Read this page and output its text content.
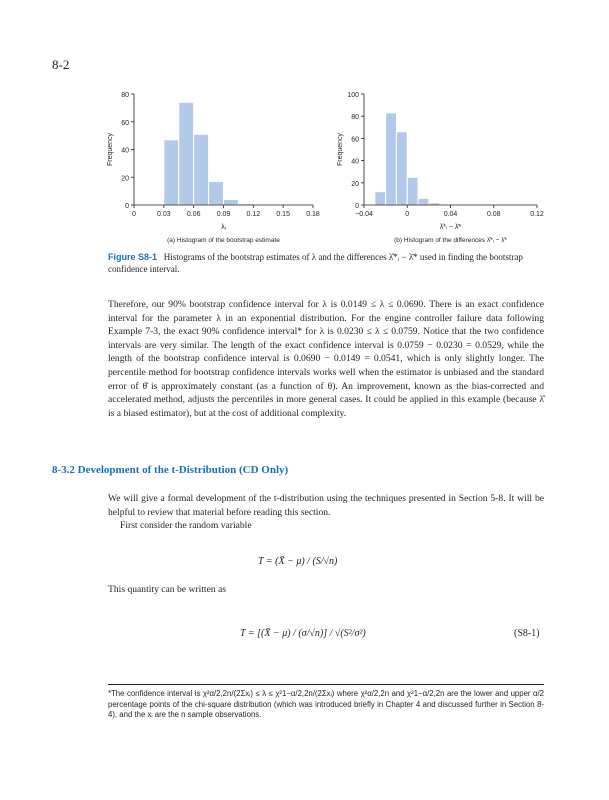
8-2
0
20
40
60
80
0	0.03 0.06 0.09 0.12 0.15 0.18
λᵢ
Frequency
(a) Histogram of the bootstrap estimate
0
20
40
60
80
100
−0.04	0	0.04	0.08	0.12
λ̂*ᵢ − λ̄*
Frequency
(b) Histogram of the differences λ̂*ᵢ − λ̄*
Figure S8-1 Histograms of the bootstrap estimates of λ and the differences λ̂*ᵢ − λ̄* used in finding the bootstrap confidence interval.
Therefore, our 90% bootstrap confidence interval for λ is 0.0149 ≤ λ ≤ 0.0690. There is an exact confidence interval for the parameter λ in an exponential distribution. For the engine controller failure data following Example 7-3, the exact 90% confidence interval* for λ is 0.0230 ≤ λ ≤ 0.0759. Notice that the two confidence intervals are very similar. The length of the exact confidence interval is 0.0759 − 0.0230 = 0.0529, while the length of the bootstrap confidence interval is 0.0690 − 0.0149 = 0.0541, which is only slightly longer. The percentile method for bootstrap confidence intervals works well when the estimator is unbiased and the standard error of θ̂ is approximately constant (as a function of θ). An improvement, known as the bias-corrected and accelerated method, adjusts the percentiles in more general cases. It could be applied in this example (because λ̂ is a biased estimator), but at the cost of additional complexity.
8-3.2 Development of the t-Distribution (CD Only)
We will give a formal development of the t-distribution using the techniques presented in Section 5-8. It will be helpful to review that material before reading this section.
First consider the random variable
T = (X̄ − μ) / (S/√n)
This quantity can be written as
T = [(X̄ − μ) / (σ/√n)] / √(S²/σ²)	(S8-1)
*The confidence interval is χ²α/2,2n/(2Σxᵢ) ≤ λ ≤ χ²1−α/2,2n/(2Σxᵢ) where χ²α/2,2n and χ²1−α/2,2n are the lower and upper α/2 percentage points of the chi-square distribution (which was introduced briefly in Chapter 4 and discussed further in Section 8-4), and the xᵢ are the n sample observations.
